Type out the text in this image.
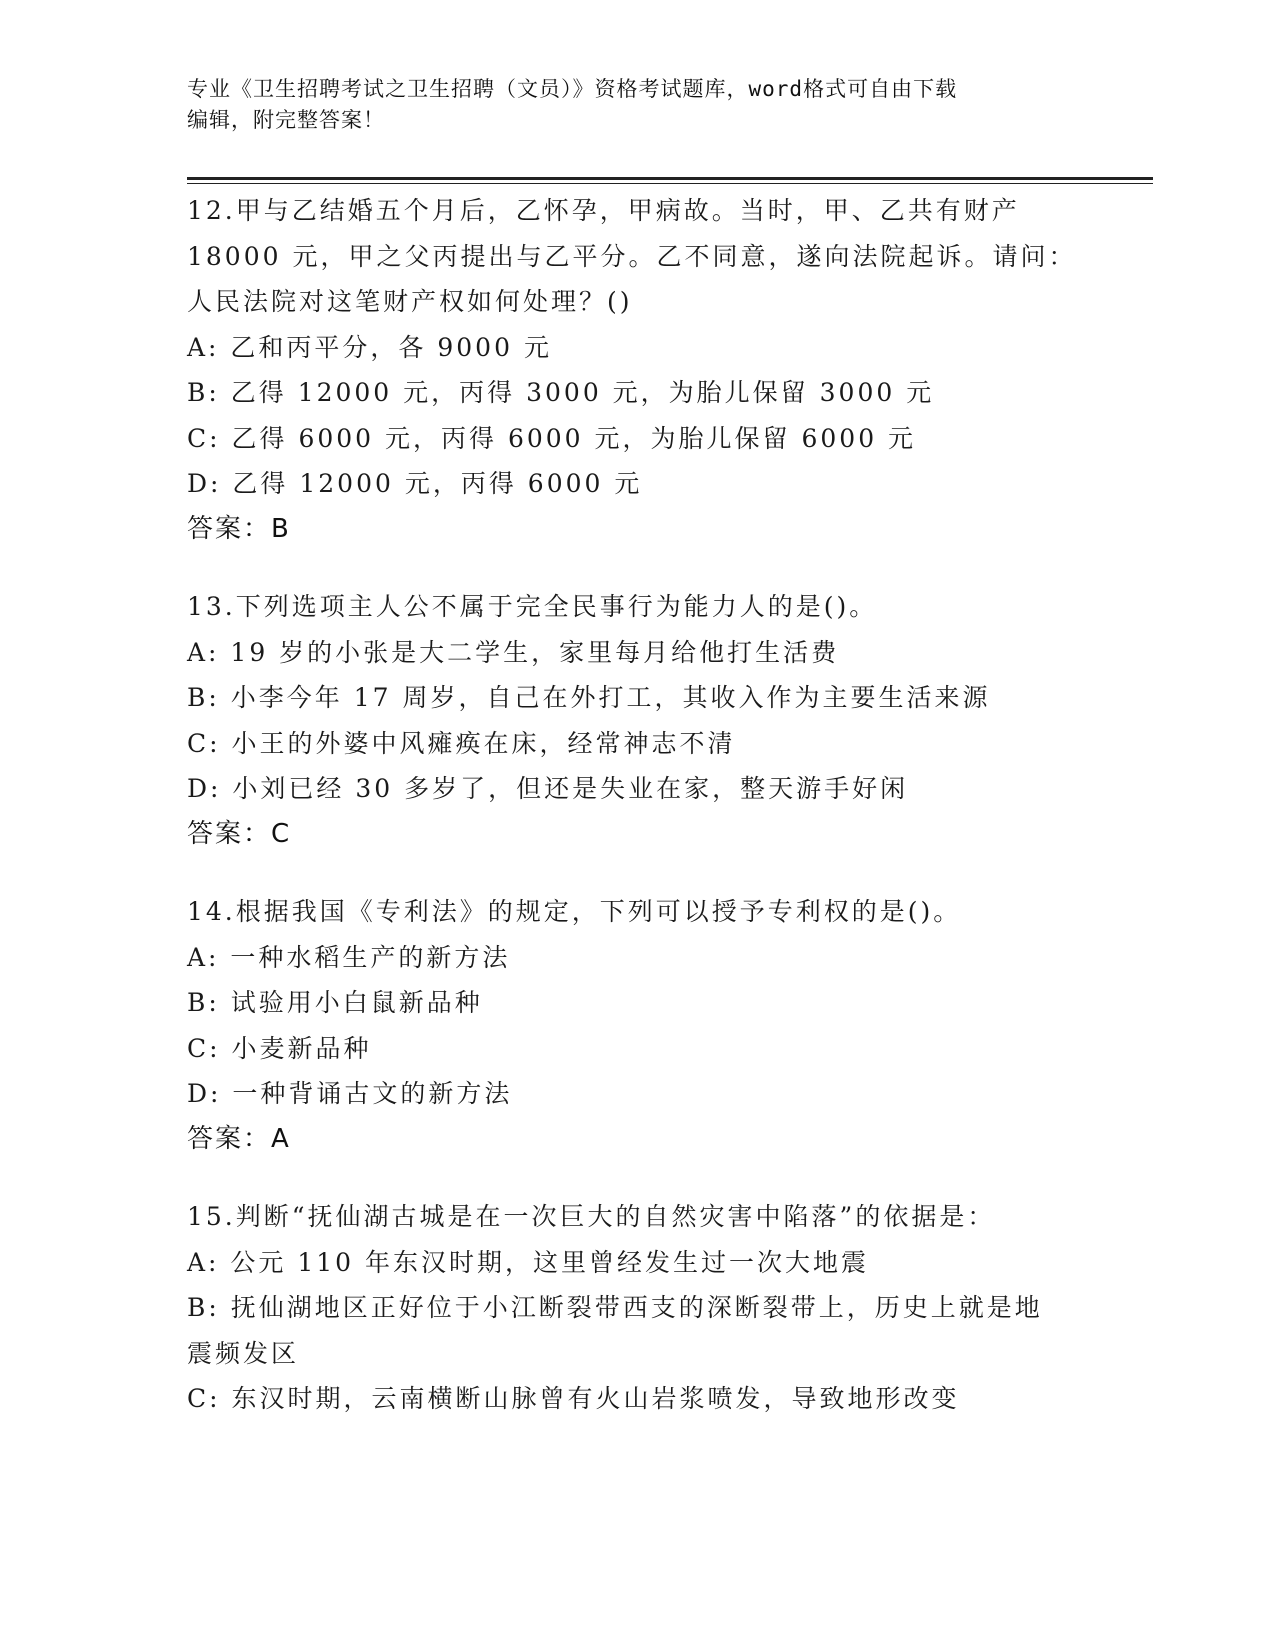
专业《卫生招聘考试之卫生招聘（文员）》资格考试题库，word格式可自由下载
编辑，附完整答案！
12.甲与乙结婚五个月后，乙怀孕，甲病故。当时，甲、乙共有财产
18000 元，甲之父丙提出与乙平分。乙不同意，遂向法院起诉。请问：
人民法院对这笔财产权如何处理？()
A: 乙和丙平分，各 9000 元
B: 乙得 12000 元，丙得 3000 元，为胎儿保留 3000 元
C: 乙得 6000 元，丙得 6000 元，为胎儿保留 6000 元
D: 乙得 12000 元，丙得 6000 元
答案：B
13.下列选项主人公不属于完全民事行为能力人的是()。
A: 19 岁的小张是大二学生，家里每月给他打生活费
B: 小李今年 17 周岁，自己在外打工，其收入作为主要生活来源
C: 小王的外婆中风瘫痪在床，经常神志不清
D: 小刘已经 30 多岁了，但还是失业在家，整天游手好闲
答案：C
14.根据我国《专利法》的规定，下列可以授予专利权的是()。
A: 一种水稻生产的新方法
B: 试验用小白鼠新品种
C: 小麦新品种
D: 一种背诵古文的新方法
答案：A
15.判断“抚仙湖古城是在一次巨大的自然灾害中陷落”的依据是：
A: 公元 110 年东汉时期，这里曾经发生过一次大地震
B: 抚仙湖地区正好位于小江断裂带西支的深断裂带上，历史上就是地
震频发区
C: 东汉时期，云南横断山脉曾有火山岩浆喷发，导致地形改变
